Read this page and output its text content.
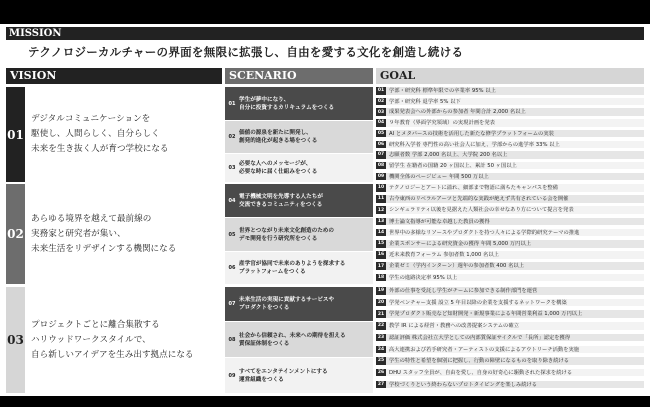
MISSION
テクノロジーカルチャーの界面を無限に拡張し、自由を愛する文化を創造し続ける
VISION	SCENARIO	GOAL
01
デジタルコミュニケーションを
駆使し、人間らしく、自分らしく
未来を生き抜く人が育つ学校になる
02
あらゆる境界を越えて最前線の
実務家と研究者が集い、
未来生活をリデザインする機関になる
03
プロジェクトごとに離合集散する
ハリウッドワークスタイルで、
自ら新しいアイデアを生み出す拠点になる
01
学生が夢中になり、
自分に投資するカリキュラムをつくる
02
価値の源泉を新たに開発し、
創発的進化が起きる場をつくる
03
必要な人へのメッセージが、
必要な時に届く仕組みをつくる
04
電子機械文明を先導する人たちが
交流できるコミュニティをつくる
05
世界とつながり未来文化創造のための
デモ開発を行う研究所をつくる
06
産学官が協同で未来のありようを探求する
プラットフォームをつくる
07
未来生活の実現に貢献するサービスや
プロダクトをつくる
08
社会から信頼され、未来への期待を担える
質保証体制をつくる
09
すべてをエンタテインメントにする
運営組織をつくる
01 学部・研究科 標準年限での卒業率 95% 以上
02 学部・研究科 退学率 5% 以下
03 成果発表会への外部からの参加者 年間合計 2,000 名以上
04 ９年教育（界面学究領域）の実現計画を発表
05 AI とメタバースの技術を活用した新たな修学プラットフォームの実装
06 研究科入学者 専門性の高い社会人に加え、学部からの進学率 33% 以上
07 志願者数 学部 2,000 名以上、大学院 200 名以上
08 留学生 在籍者の国籍 20 ヶ国以上、累計 50 ヶ国以上
09 機関全体のページビュー 年間 500 万以上
10 テクノロジーとアートに溢れ、細部まで物語に満ちたキャンパスを整備
11 古今東西のリベラルアーツと先端的な実践が絶えず共有されている会を開催
12 シンギュラリティ以後を見据えた人類社会の幸せなあり方について提言を発表
13 博士論文指導が可能な卓越した教員の獲得
14 世界中の多様なリソースやプロダクトを持つ人々による学際的研究テーマの推進
15 企業スポンサーによる研究資金の獲得 年間 5,000 万円以上
16 近未来教育フォーラム 参加者数 1,000 名以上
17 企業ゼミ（学内インターン）週年の参加者数 400 名以上
18 学生の進路決定率 95% 以上
19 外部の仕事を受託し学生がチームに参加できる制作部門を運営
20 学発ベンチャー支援 設立 5 年目以降の企業を支援するネットワークを構築
21 学発プロダクト販売など知財開発・新規事業による年間営業利益 1,000 万円以上
22 教学 IR による経営・教務への改善提案システムの確立
23 認証評価 株式会社立大学としての内部質保証サイクルで「長所」認定を獲得
24 高大連携および若手研究者・アーティストの支援によるアウトリーチ活動を実施
25 学生の特性と希望を個別に把握し、行動の障壁になるものを取り除き続ける
26 DHU スタッフ全員が、自由を愛し、自身の好奇心に駆動された探求を続ける
27 学校づくりという終わらないプロトタイピングを楽しみ続ける
